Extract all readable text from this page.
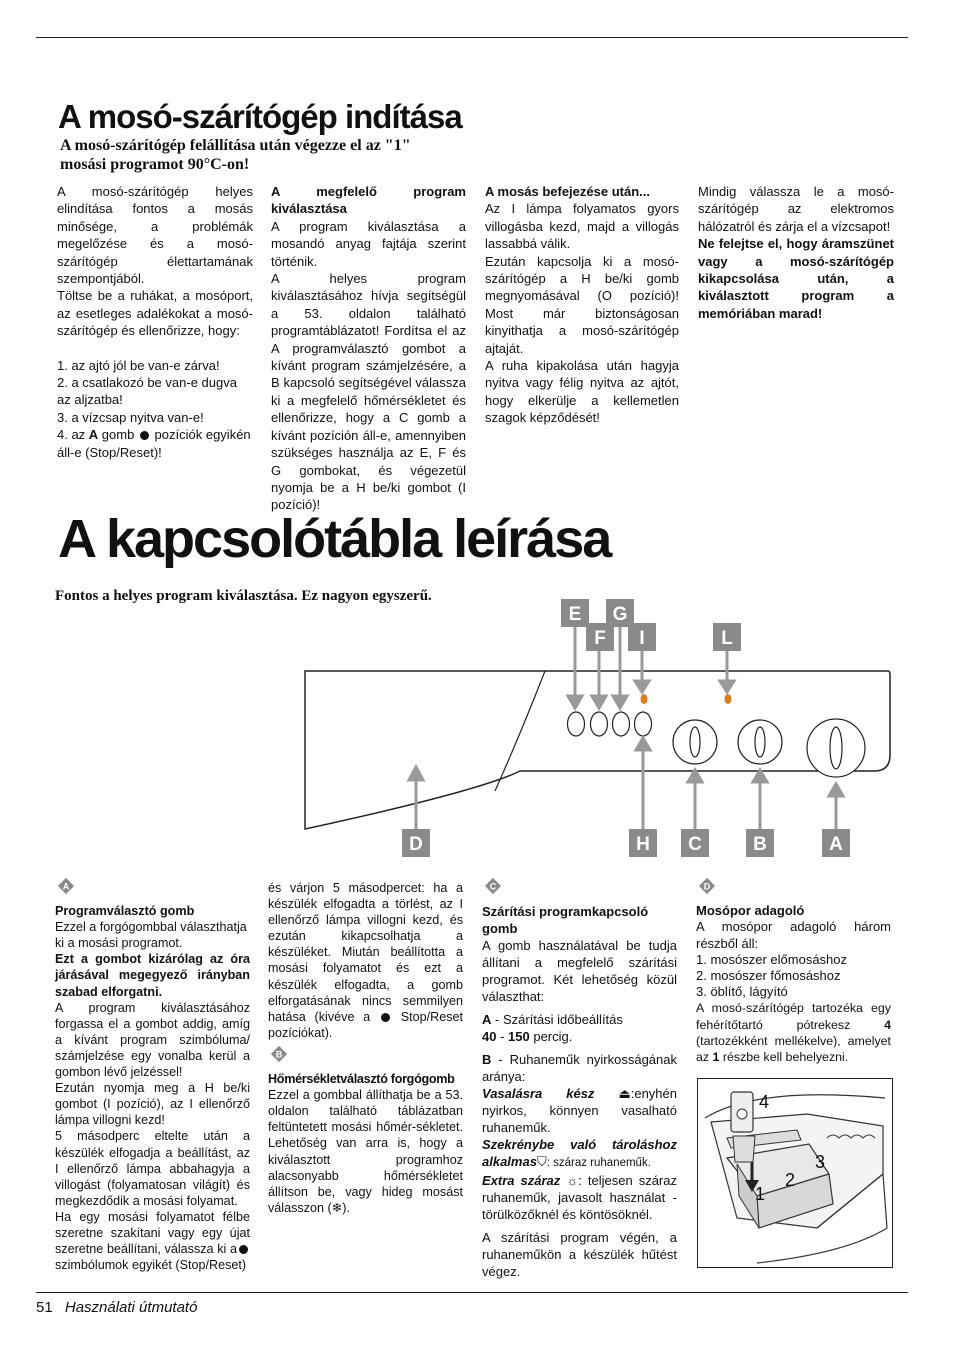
A mosó-szárítógép indítása
A mosó-szárítógép felállítása után végezze el az "1" mosási programot 90°C-on!

A mosó-szárítógép helyes elindítása fontos a mosás minősége, a problémák megelőzése és a mosó-szárítógép élettartamának szempontjából.

Töltse be a ruhákat, a mosóport, az esetleges adalékokat a mosó-szárítógép és ellenőrizze, hogy:

1. az ajtó jól be van-e zárva!

2. a csatlakozó be van-e dugva az aljzatba!

3. a vízcsap nyitva van-e!

4. az A gomb  pozíciók egyikén áll-e (Stop/Reset)!

A megfelelő program kiválasztása

A program kiválasztása a mosandó anyag fajtája szerint történik.

A helyes program kiválasztásához hívja segítségül a 53. oldalon található programtáblázatot! Fordítsa el az A programválasztó gombot a kívánt program számjelzésére, a B kapcsoló segítségével válassza ki a megfelelő hőmérsékletet és ellenőrizze, hogy a C gomb a kívánt pozíción áll-e, amennyiben szükséges használja az E, F és G gombokat, és végezetül nyomja be a H be/ki gombot (I pozíció)!

A mosás befejezése után...

Az I lámpa folyamatos gyors villogásba kezd, majd a villogás lassabbá válik.

Ezután kapcsolja ki a mosó-szárítógép a H be/ki gomb megnyomásával (O pozíció)! Most már biztonságosan kinyithatja a mosó-szárítógép ajtaját.

A ruha kipakolása után hagyja nyitva vagy félig nyitva az ajtót, hogy elkerülje a kellemetlen szagok képződését!

Mindig válassza le a mosó-szárítógép az elektromos hálózatról és zárja el a vízcsapot!

Ne felejtse el, hogy áramszünet vagy a mosó-szárítógép kikapcsolása után, a kiválasztott program a memóriában marad!

A kapcsolótábla leírása
Fontos a helyes program kiválasztása. Ez nagyon egyszerű.
E G
F I	L
D	H C	B	A
A

Programválasztó gomb

Ezzel a forgógombbal választhatja ki a mosási programot.

Ezt a gombot kizárólag az óra járásával megegyező irányban szabad elforgatni.

A program kiválasztásához forgassa el a gombot addig, amíg a kívánt program szimbóluma/ számjelzése egy vonalba kerül a gombon lévő jelzéssel!

Ezután nyomja meg a H be/ki gombot (I pozíció), az I ellenőrző lámpa villogni kezd!

5 másodperc eltelte után a készülék elfogadja a beállítást, az I ellenőrző lámpa abbahagyja a villogást (folyamatosan világít) és megkezdődik a mosási folyamat.

Ha egy mosási folyamatot félbe szeretne szakítani vagy egy újat szeretne beállítani, válassza ki a szimbólumok egyikét (Stop/Reset)

és várjon 5 másodpercet: ha a készülék elfogadta a törlést, az I ellenőrző lámpa villogni kezd, és ezután kikapcsolhatja a készüléket. Miután beállította a mosási folyamatot és ezt a készülék elfogadta, a gomb elforgatásának nincs semmilyen hatása (kivéve a  Stop/Reset pozíciókat).

B

Hőmérsékletválasztó forgógomb

Ezzel a gombbal állíthatja be a 53. oldalon található táblázatban feltüntetett mosási hőmér-sékletet. Lehetőség van arra is, hogy a kiválasztott programhoz alacsonyabb hőmérsékletet állítson be, vagy hideg mosást válasszon (❄).

C

Szárítási programkapcsoló gomb

A gomb használatával be tudja állítani a megfelelő szárítási programot. Két lehetőség közül választhat:

A - Szárítási időbeállítás
40 - 150 percig.

B - Ruhaneműk nyirkosságának aránya:

Vasalásra kész ⏏:enyhén nyirkos, könnyen vasalható ruhaneműk.

Szekrénybe való tároláshoz alkalmas⛉: száraz ruhaneműk.

Extra száraz ☼: teljesen száraz ruhaneműk, javasolt használat - törülközőknél és köntösöknél.

A szárítási program végén, a ruhaneműkön a készülék hűtést végez.

D

Mosópor adagoló

A mosópor adagoló három részből áll:

1. mosószer előmosáshoz

2. mosószer főmosáshoz

3. öblítő, lágyító

A mosó-szárítógép tartozéka egy fehérítőtartó pótrekesz 4 (tartozékként mellékelve), amelyet az 1 részbe kell behelyezni.

4
3
2
1
51 Használati útmutató
